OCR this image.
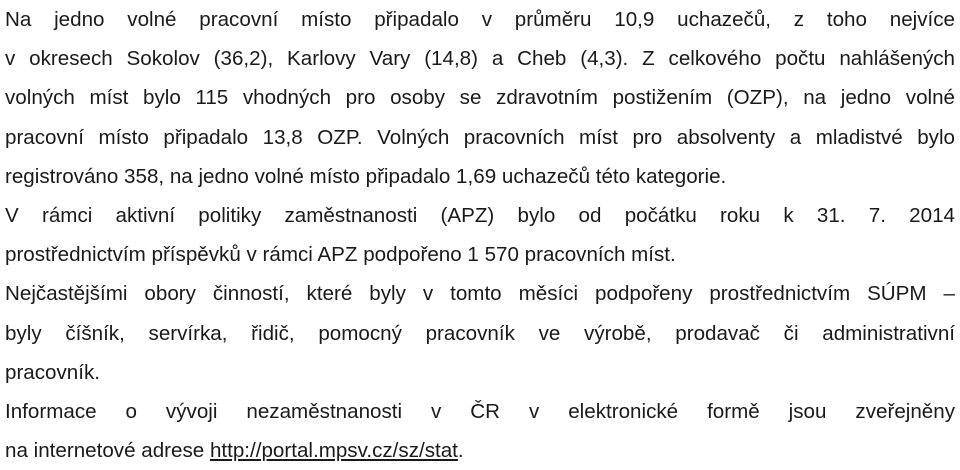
Na jedno volné pracovní místo připadalo v průměru 10,9 uchazečů, z toho nejvíce
v okresech Sokolov (36,2), Karlovy Vary (14,8) a Cheb (4,3). Z celkového počtu nahlášených
volných míst bylo 115 vhodných pro osoby se zdravotním postižením (OZP), na jedno volné
pracovní místo připadalo 13,8 OZP. Volných pracovních míst pro absolventy a mladistvé bylo
registrováno 358, na jedno volné místo připadalo 1,69 uchazečů této kategorie.
V rámci aktivní politiky zaměstnanosti (APZ) bylo od počátku roku k 31. 7. 2014
prostřednictvím příspěvků v rámci APZ podpořeno 1 570 pracovních míst.
Nejčastějšími obory činností, které byly v tomto měsíci podpořeny prostřednictvím SÚPM –
byly číšník, servírka, řidič, pomocný pracovník ve výrobě, prodavač či administrativní
pracovník.
Informace o vývoji nezaměstnanosti v ČR v elektronické formě jsou zveřejněny
na internetové adrese http://portal.mpsv.cz/sz/stat.
